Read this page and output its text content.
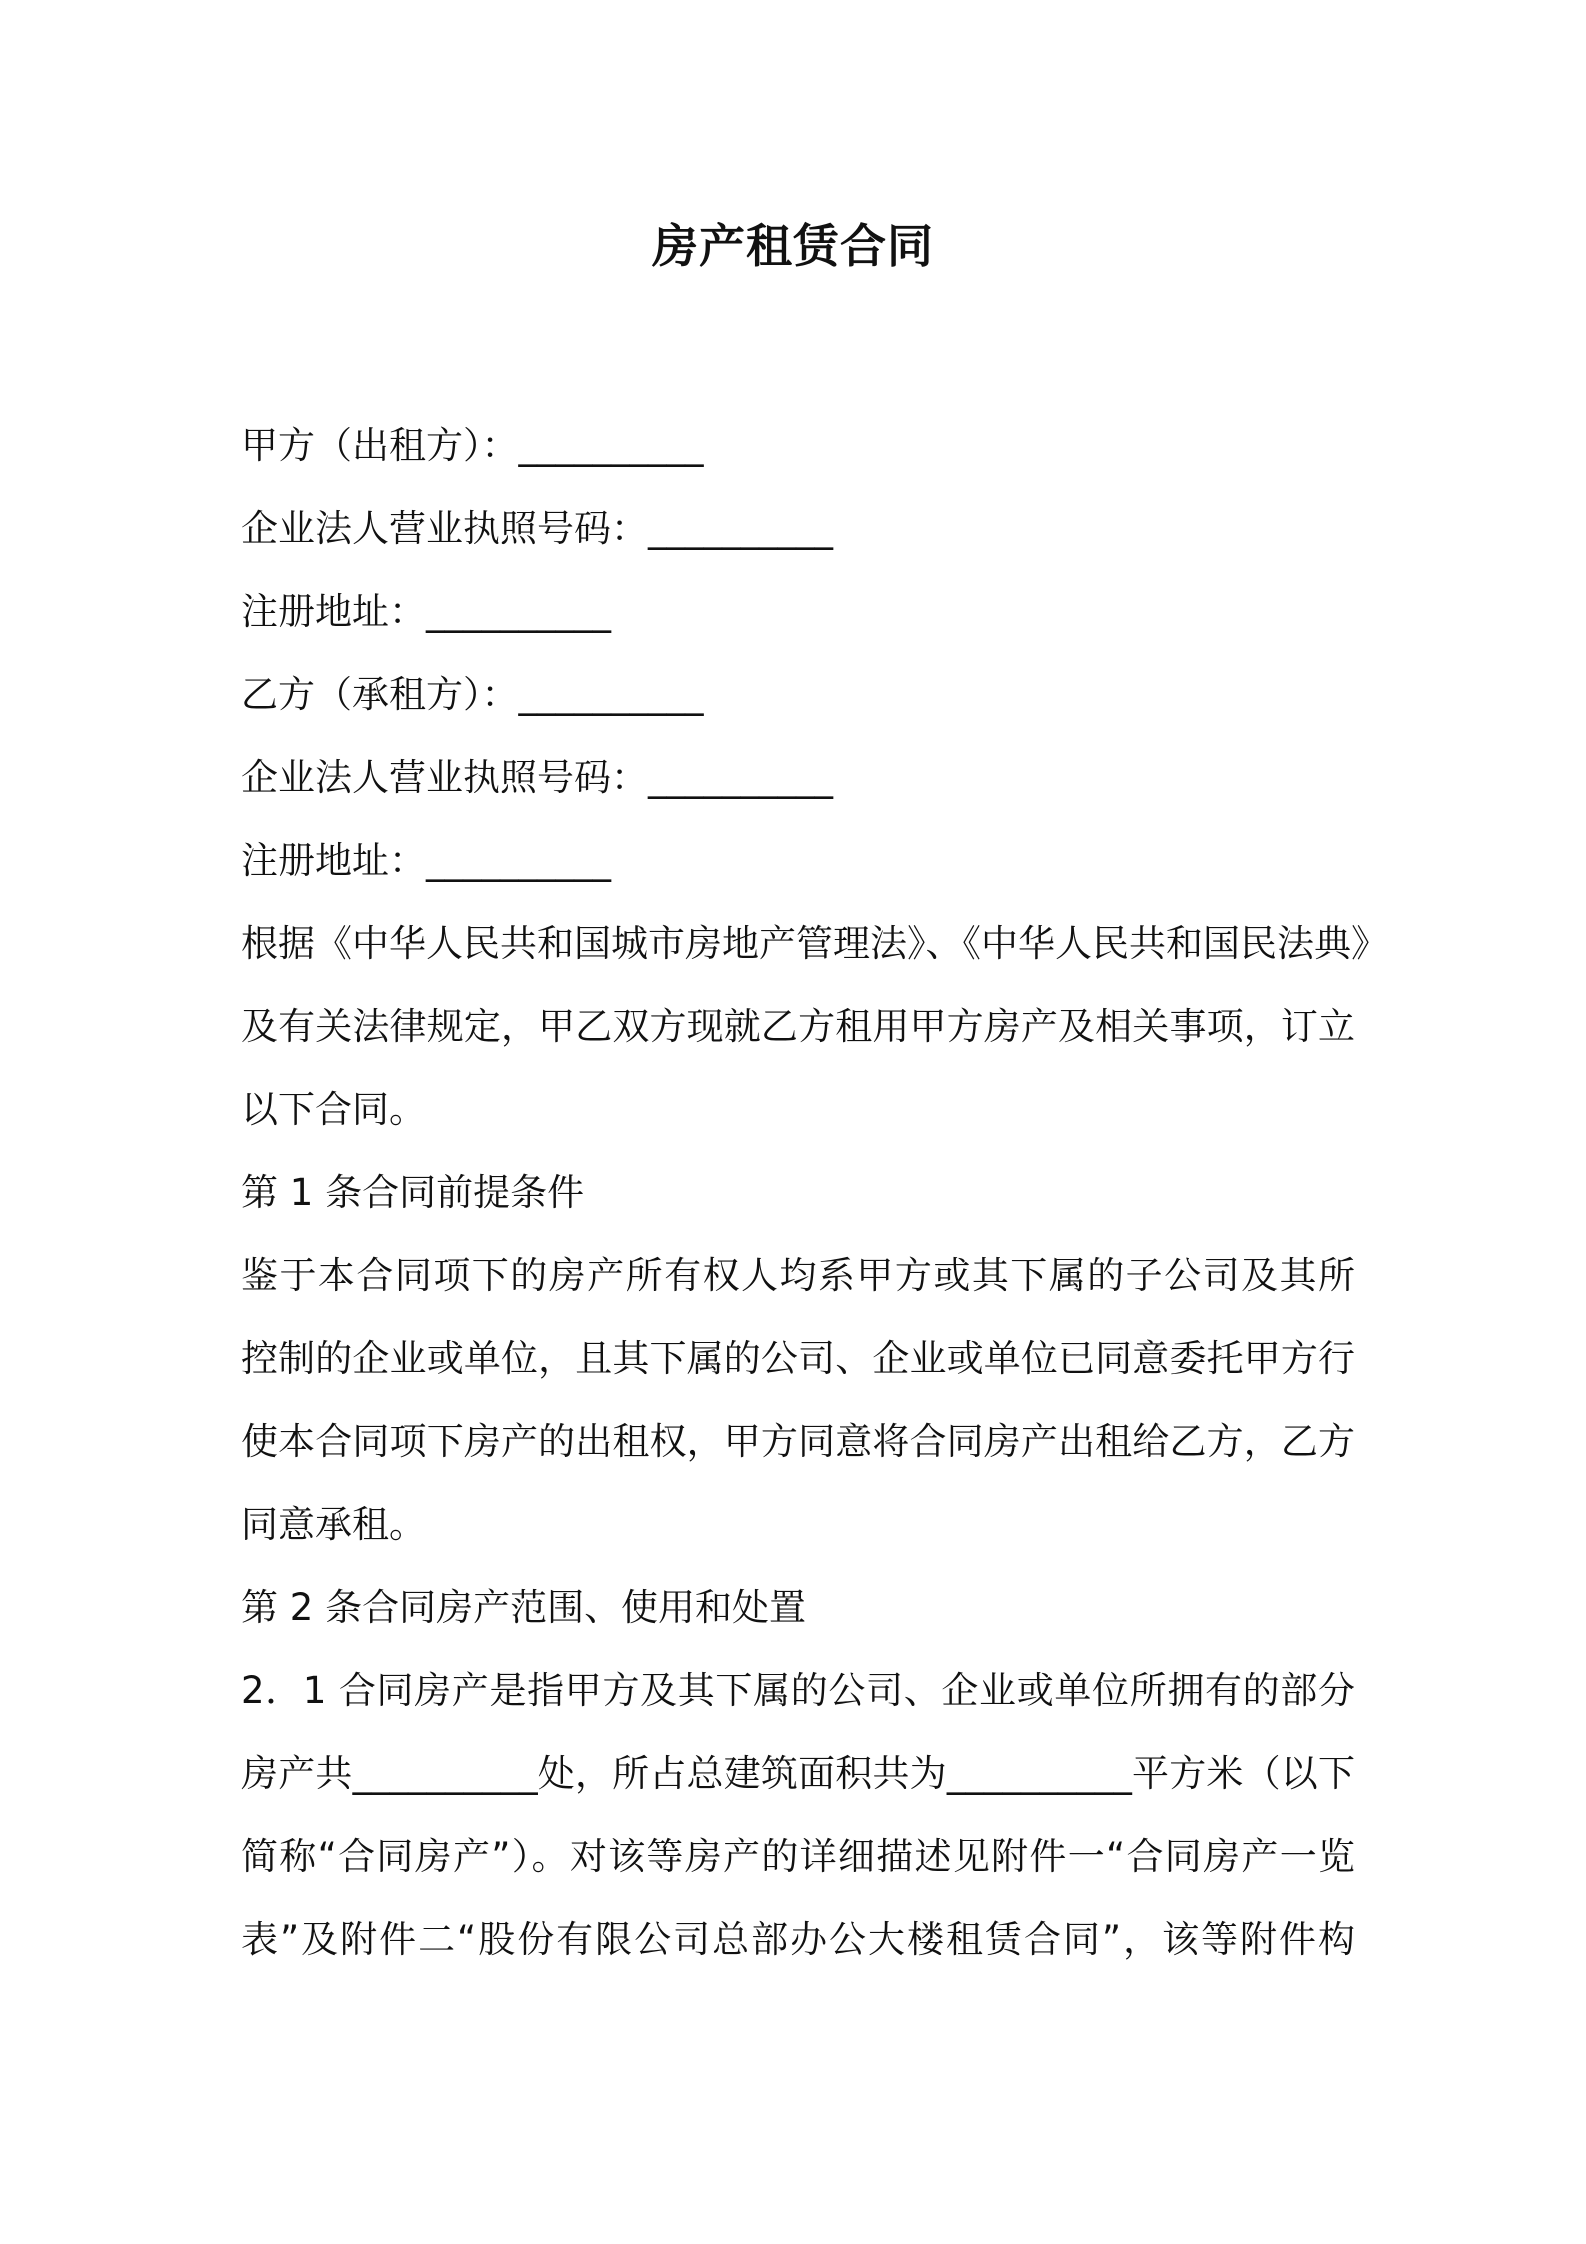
房产租赁合同
甲方（出租方）：__________
企业法人营业执照号码：__________
注册地址：__________
乙方（承租方）：__________
企业法人营业执照号码：__________
注册地址：__________
根据《中华人民共和国城市房地产管理法》、《中华人民共和国民法典》
及有关法律规定，甲乙双方现就乙方租用甲方房产及相关事项，订立
以下合同。
第 1 条合同前提条件
鉴于本合同项下的房产所有权人均系甲方或其下属的子公司及其所
控制的企业或单位，且其下属的公司、企业或单位已同意委托甲方行
使本合同项下房产的出租权，甲方同意将合同房产出租给乙方，乙方
同意承租。
第 2 条合同房产范围、使用和处置
2．1 合同房产是指甲方及其下属的公司、企业或单位所拥有的部分
房产共__________处，所占总建筑面积共为__________平方米（以下
简称“合同房产”）。对该等房产的详细描述见附件一“合同房产一览
表”及附件二“股份有限公司总部办公大楼租赁合同”，该等附件构
